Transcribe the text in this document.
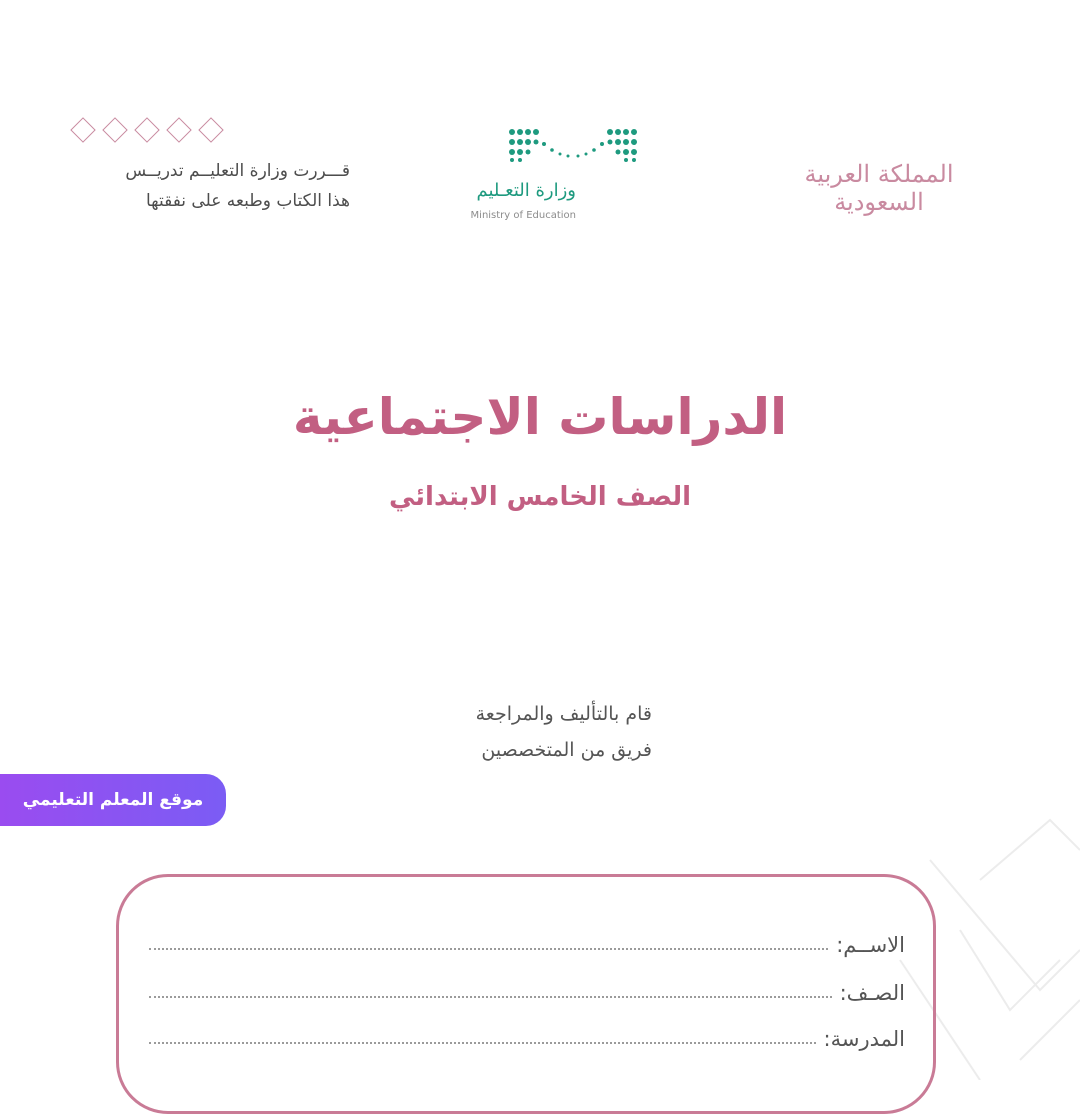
قـــررت وزارة التعليــم تدريــس
هذا الكتاب وطبعه على نفقتها	وزارة التعـليم
Ministry of Education
المملكة العربية السعودية
الدراسات الاجتماعية
الصف الخامس الابتدائي
قام بالتأليف والمراجعة
فريق من المتخصصين
موقع المعلم التعليمي
الاســم:
الصـف:
المدرسة:
